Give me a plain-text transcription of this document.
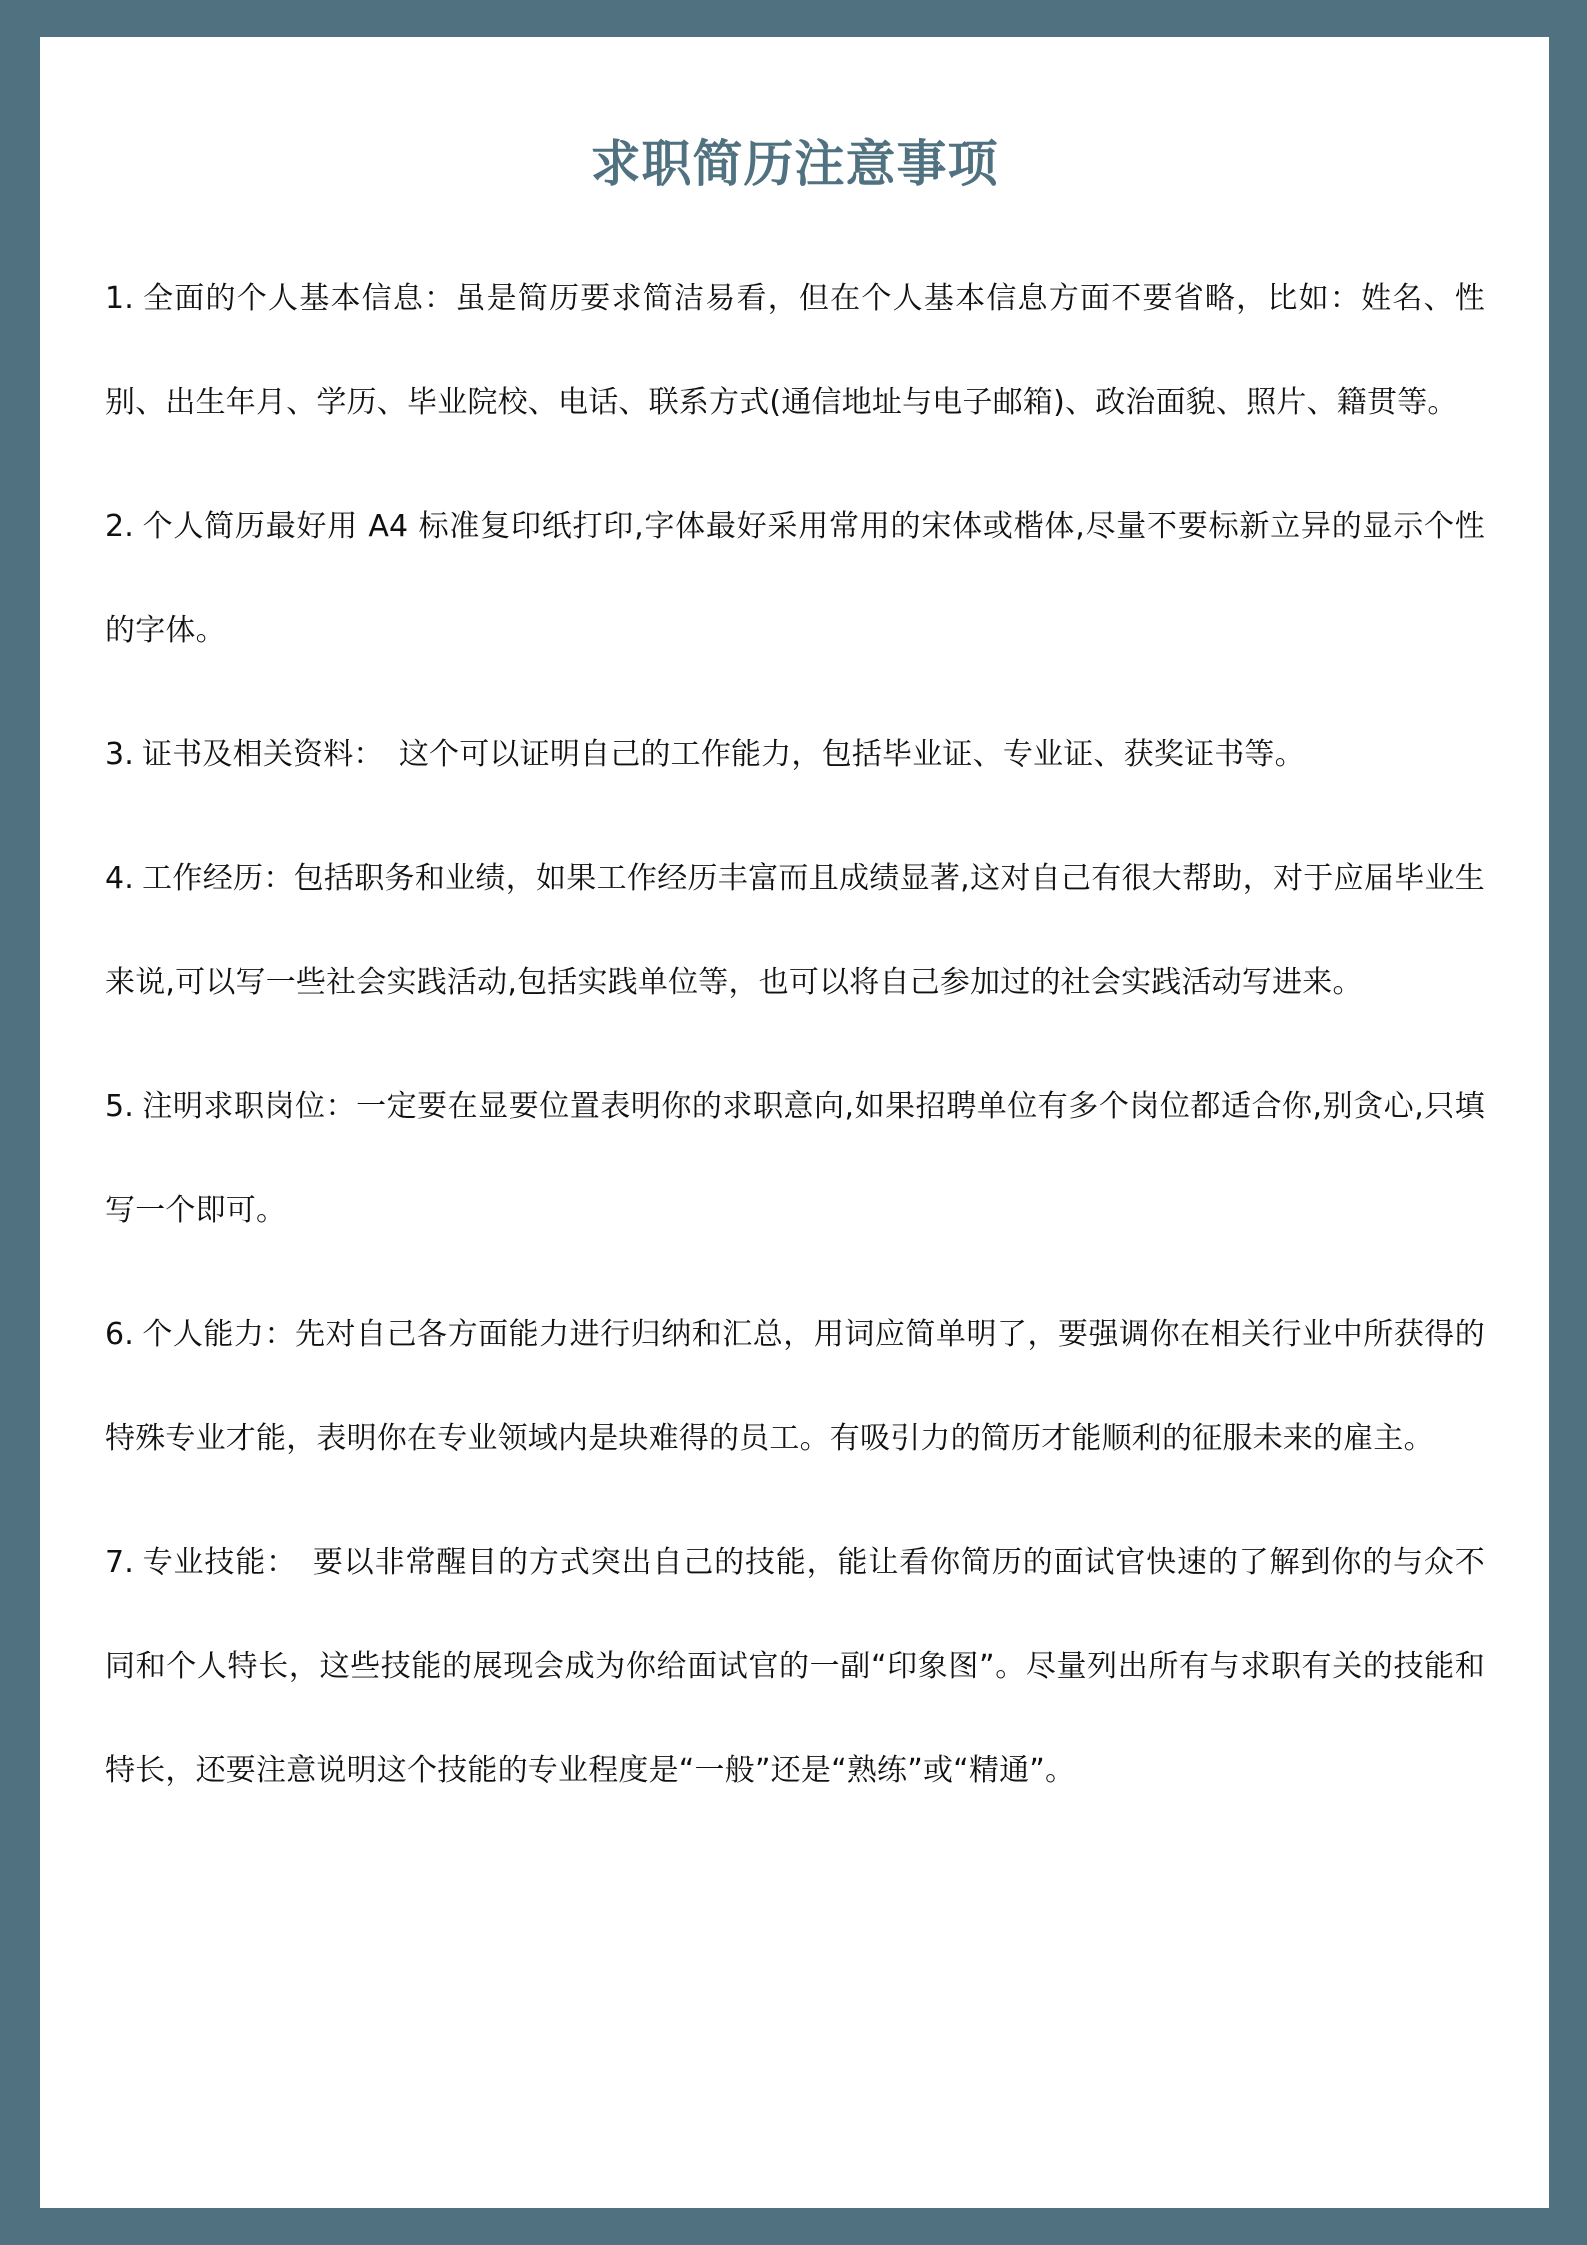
求职简历注意事项

1. 全面的个人基本信息：虽是简历要求简洁易看，但在个人基本信息方面不要省略，比如：姓名、性别、出生年月、学历、毕业院校、电话、联系方式(通信地址与电子邮箱)、政治面貌、照片、籍贯等。

2. 个人简历最好用 A4 标准复印纸打印,字体最好采用常用的宋体或楷体,尽量不要标新立异的显示个性的字体。

3. 证书及相关资料：　这个可以证明自己的工作能力，包括毕业证、专业证、获奖证书等。

4. 工作经历：包括职务和业绩，如果工作经历丰富而且成绩显著,这对自己有很大帮助，对于应届毕业生来说,可以写一些社会实践活动,包括实践单位等，也可以将自己参加过的社会实践活动写进来。

5. 注明求职岗位：一定要在显要位置表明你的求职意向,如果招聘单位有多个岗位都适合你,别贪心,只填写一个即可。

6. 个人能力：先对自己各方面能力进行归纳和汇总，用词应简单明了，要强调你在相关行业中所获得的特殊专业才能，表明你在专业领域内是块难得的员工。有吸引力的简历才能顺利的征服未来的雇主。

7. 专业技能：　要以非常醒目的方式突出自己的技能，能让看你简历的面试官快速的了解到你的与众不同和个人特长，这些技能的展现会成为你给面试官的一副“印象图”。尽量列出所有与求职有关的技能和特长，还要注意说明这个技能的专业程度是“一般”还是“熟练”或“精通”。
